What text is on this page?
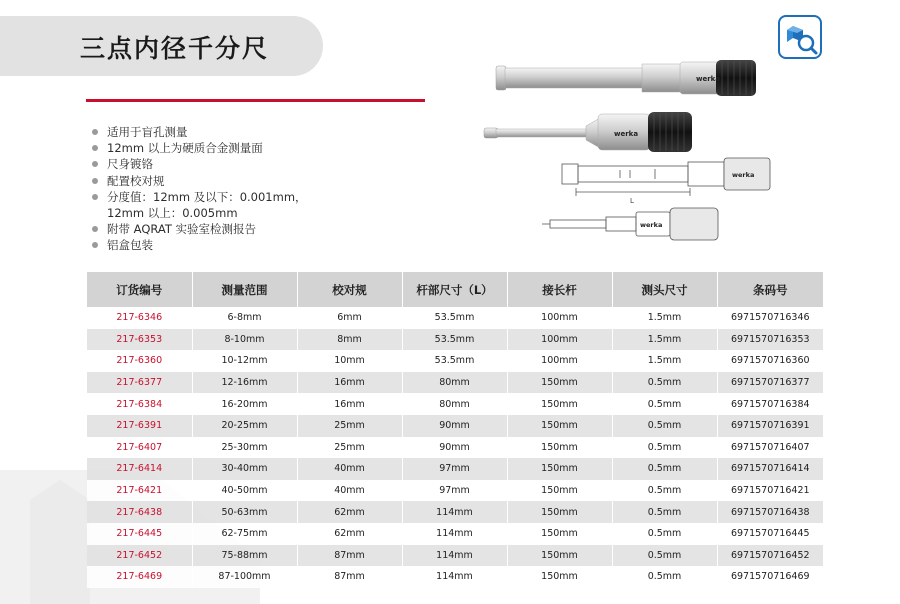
三点内径千分尺
适用于盲孔测量
12mm 以上为硬质合金测量面
尺身镀铬
配置校对规
分度值：12mm 及以下：0.001mm，
12mm 以上：0.005mm
附带 AQRAT 实验室检测报告
铝盒包装
werka
werka
L
werka
werka
订货编号	测量范围	校对规	杆部尺寸（L）	接长杆	测头尺寸	条码号
217-6346	6-8mm	6mm	53.5mm	100mm	1.5mm	6971570716346
217-6353	8-10mm	8mm	53.5mm	100mm	1.5mm	6971570716353
217-6360	10-12mm	10mm	53.5mm	100mm	1.5mm	6971570716360
217-6377	12-16mm	16mm	80mm	150mm	0.5mm	6971570716377
217-6384	16-20mm	16mm	80mm	150mm	0.5mm	6971570716384
217-6391	20-25mm	25mm	90mm	150mm	0.5mm	6971570716391
217-6407	25-30mm	25mm	90mm	150mm	0.5mm	6971570716407
217-6414	30-40mm	40mm	97mm	150mm	0.5mm	6971570716414
217-6421	40-50mm	40mm	97mm	150mm	0.5mm	6971570716421
217-6438	50-63mm	62mm	114mm	150mm	0.5mm	6971570716438
217-6445	62-75mm	62mm	114mm	150mm	0.5mm	6971570716445
217-6452	75-88mm	87mm	114mm	150mm	0.5mm	6971570716452
217-6469	87-100mm	87mm	114mm	150mm	0.5mm	6971570716469
